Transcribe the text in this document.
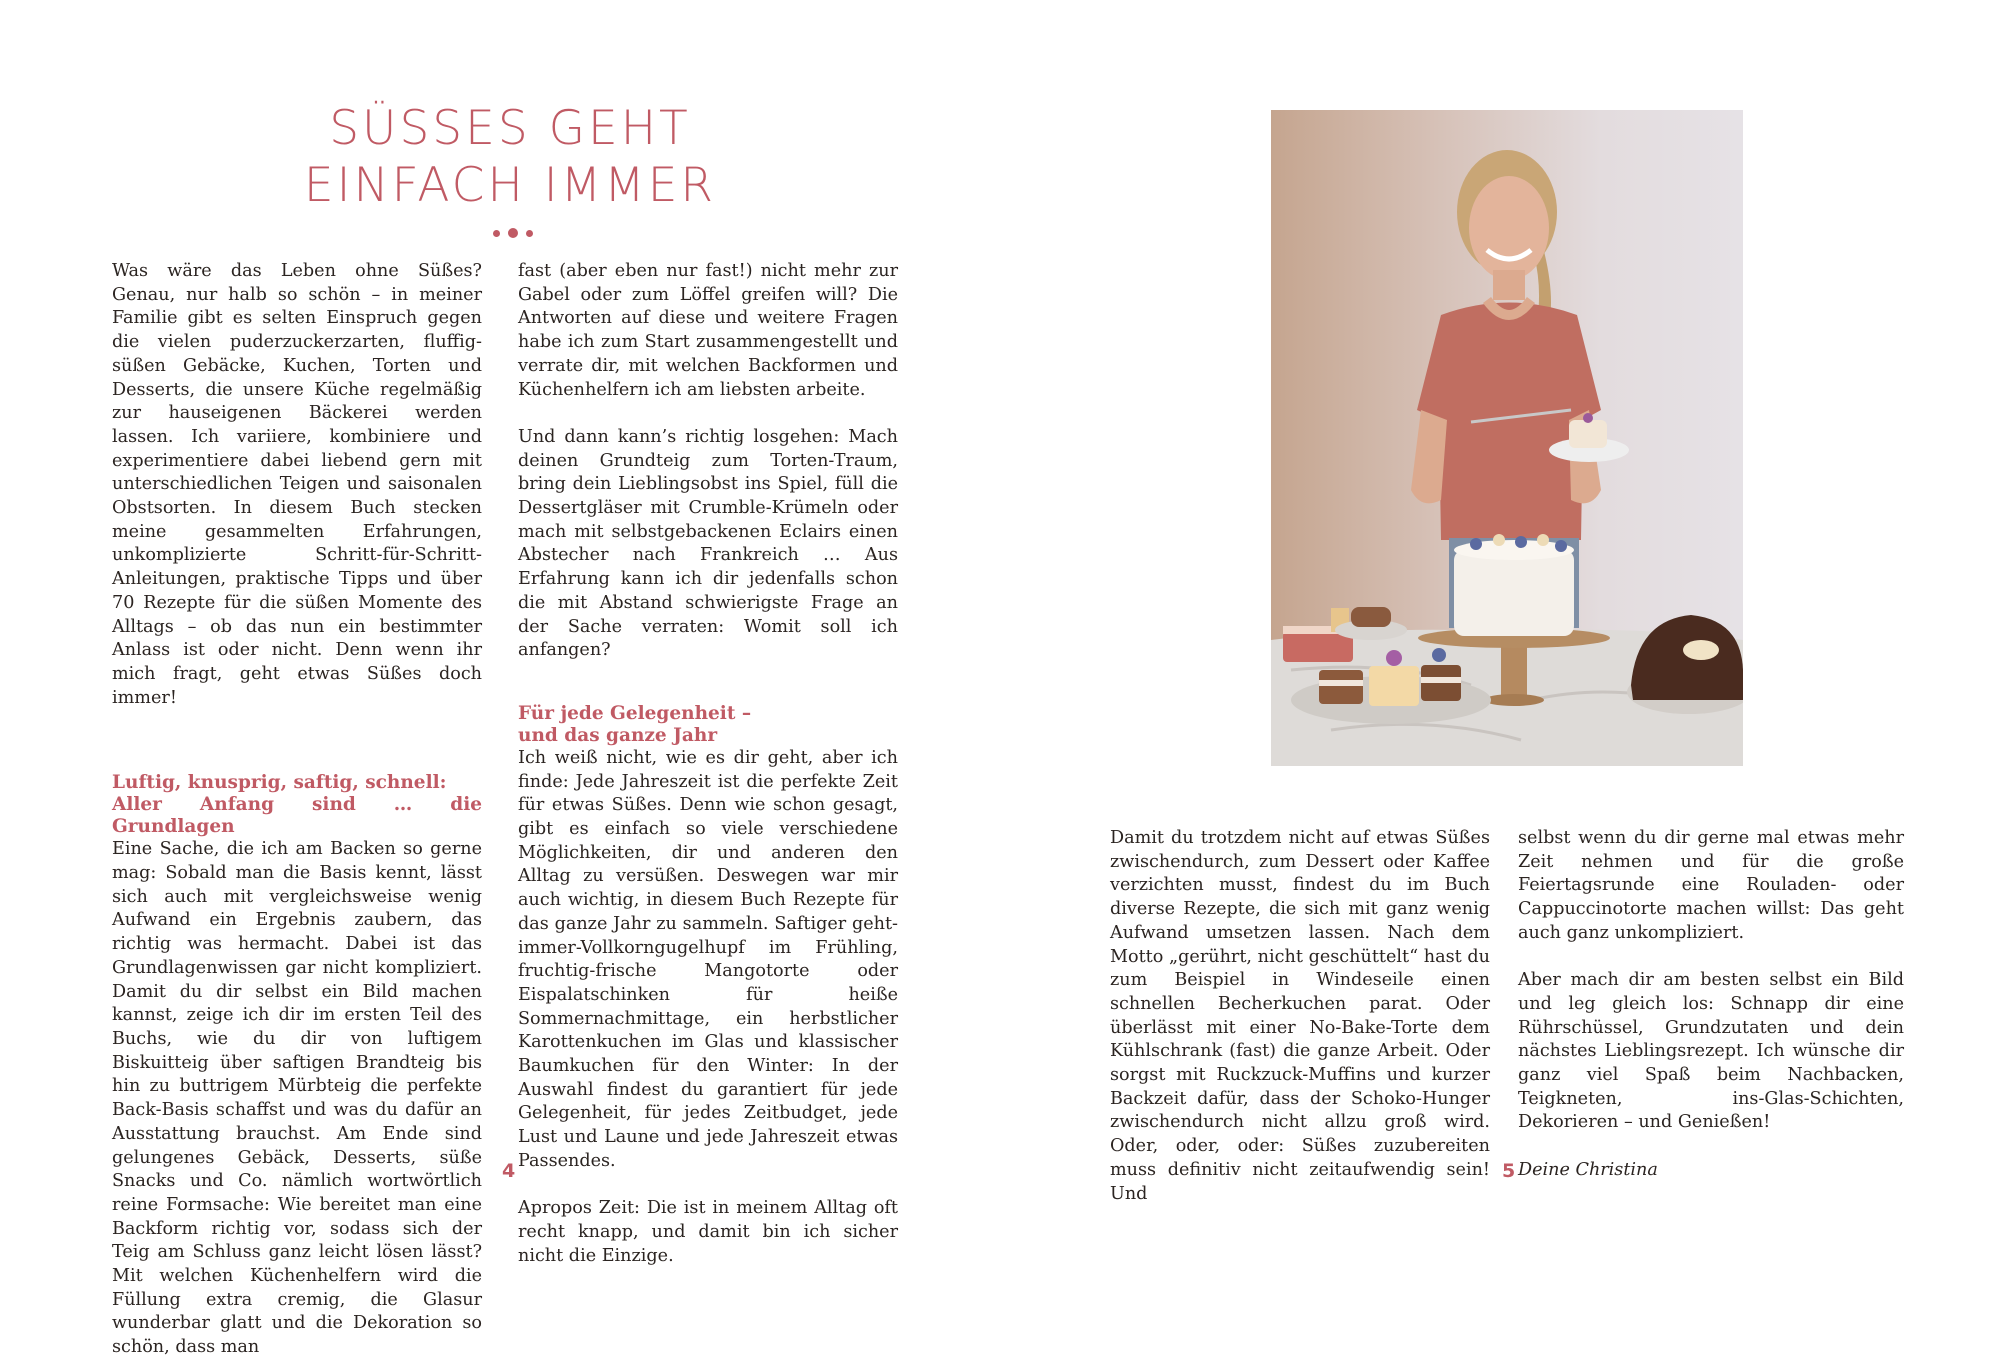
SÜSSES GEHT
EINFACH IMMER

Was wäre das Leben ohne Süßes? Genau, nur halb so schön – in meiner Familie gibt es selten Einspruch gegen die vielen puderzuckerzarten, fluffig-süßen Gebäcke, Kuchen, Torten und Desserts, die unsere Küche regelmäßig zur hauseigenen Bäckerei werden lassen. Ich variiere, kombiniere und experimentiere dabei liebend gern mit unterschiedlichen Teigen und saisonalen Obstsorten. In diesem Buch stecken meine gesammelten Erfahrungen, unkomplizierte Schritt-für-Schritt-Anleitungen, praktische Tipps und über 70 Rezepte für die süßen Momente des Alltags – ob das nun ein bestimmter Anlass ist oder nicht. Denn wenn ihr mich fragt, geht etwas Süßes doch immer!

Luftig, knusprig, saftig, schnell:
Aller Anfang sind … die Grundlagen

Eine Sache, die ich am Backen so gerne mag: Sobald man die Basis kennt, lässt sich auch mit vergleichsweise wenig Aufwand ein Ergebnis zaubern, das richtig was hermacht. Dabei ist das Grundlagenwissen gar nicht kompliziert. Damit du dir selbst ein Bild machen kannst, zeige ich dir im ersten Teil des Buchs, wie du dir von luftigem Biskuitteig über saftigen Brandteig bis hin zu buttrigem Mürbteig die perfekte Back-Basis schaffst und was du dafür an Ausstattung brauchst. Am Ende sind gelungenes Gebäck, Desserts, süße Snacks und Co. nämlich wortwörtlich reine Formsache: Wie bereitet man eine Backform richtig vor, sodass sich der Teig am Schluss ganz leicht lösen lässt? Mit welchen Küchenhelfern wird die Füllung extra cremig, die Glasur wunderbar glatt und die Dekoration so schön, dass man

fast (aber eben nur fast!) nicht mehr zur Gabel oder zum Löffel greifen will? Die Antworten auf diese und weitere Fragen habe ich zum Start zusammengestellt und verrate dir, mit welchen Backformen und Küchenhelfern ich am liebsten arbeite.

Und dann kann’s richtig losgehen: Mach deinen Grundteig zum Torten-Traum, bring dein Lieblingsobst ins Spiel, füll die Dessertgläser mit Crumble-Krümeln oder mach mit selbstgebackenen Eclairs einen Abstecher nach Frankreich … Aus Erfahrung kann ich dir jedenfalls schon die mit Abstand schwierigste Frage an der Sache verraten: Womit soll ich anfangen?

Für jede Gelegenheit –
und das ganze Jahr

Ich weiß nicht, wie es dir geht, aber ich finde: Jede Jahreszeit ist die perfekte Zeit für etwas Süßes. Denn wie schon gesagt, gibt es einfach so viele verschiedene Möglichkeiten, dir und anderen den Alltag zu versüßen. Deswegen war mir auch wichtig, in diesem Buch Rezepte für das ganze Jahr zu sammeln. Saftiger geht-immer-Vollkorngugelhupf im Frühling, fruchtig-frische Mangotorte oder Eispalatschinken für heiße Sommernachmittage, ein herbstlicher Karottenkuchen im Glas und klassischer Baumkuchen für den Winter: In der Auswahl findest du garantiert für jede Gelegenheit, für jedes Zeitbudget, jede Lust und Laune und jede Jahreszeit etwas Passendes.

Apropos Zeit: Die ist in meinem Alltag oft recht knapp, und damit bin ich sicher nicht die Einzige.

4

Damit du trotzdem nicht auf etwas Süßes zwischendurch, zum Dessert oder Kaffee verzichten musst, findest du im Buch diverse Rezepte, die sich mit ganz wenig Aufwand umsetzen lassen. Nach dem Motto „gerührt, nicht geschüttelt“ hast du zum Beispiel in Windeseile einen schnellen Becherkuchen parat. Oder überlässt mit einer No-Bake-Torte dem Kühlschrank (fast) die ganze Arbeit. Oder sorgst mit Ruckzuck-Muffins und kurzer Backzeit dafür, dass der Schoko-Hunger zwischendurch nicht allzu groß wird. Oder, oder, oder: Süßes zuzubereiten muss definitiv nicht zeitaufwendig sein! Und

selbst wenn du dir gerne mal etwas mehr Zeit nehmen und für die große Feiertagsrunde eine Rouladen- oder Cappuccinotorte machen willst: Das geht auch ganz unkompliziert.

Aber mach dir am besten selbst ein Bild und leg gleich los: Schnapp dir eine Rührschüssel, Grundzutaten und dein nächstes Lieblingsrezept. Ich wünsche dir ganz viel Spaß beim Nachbacken, Teigkneten, ins-Glas-Schichten, Dekorieren – und Genießen!

Deine Christina

5
